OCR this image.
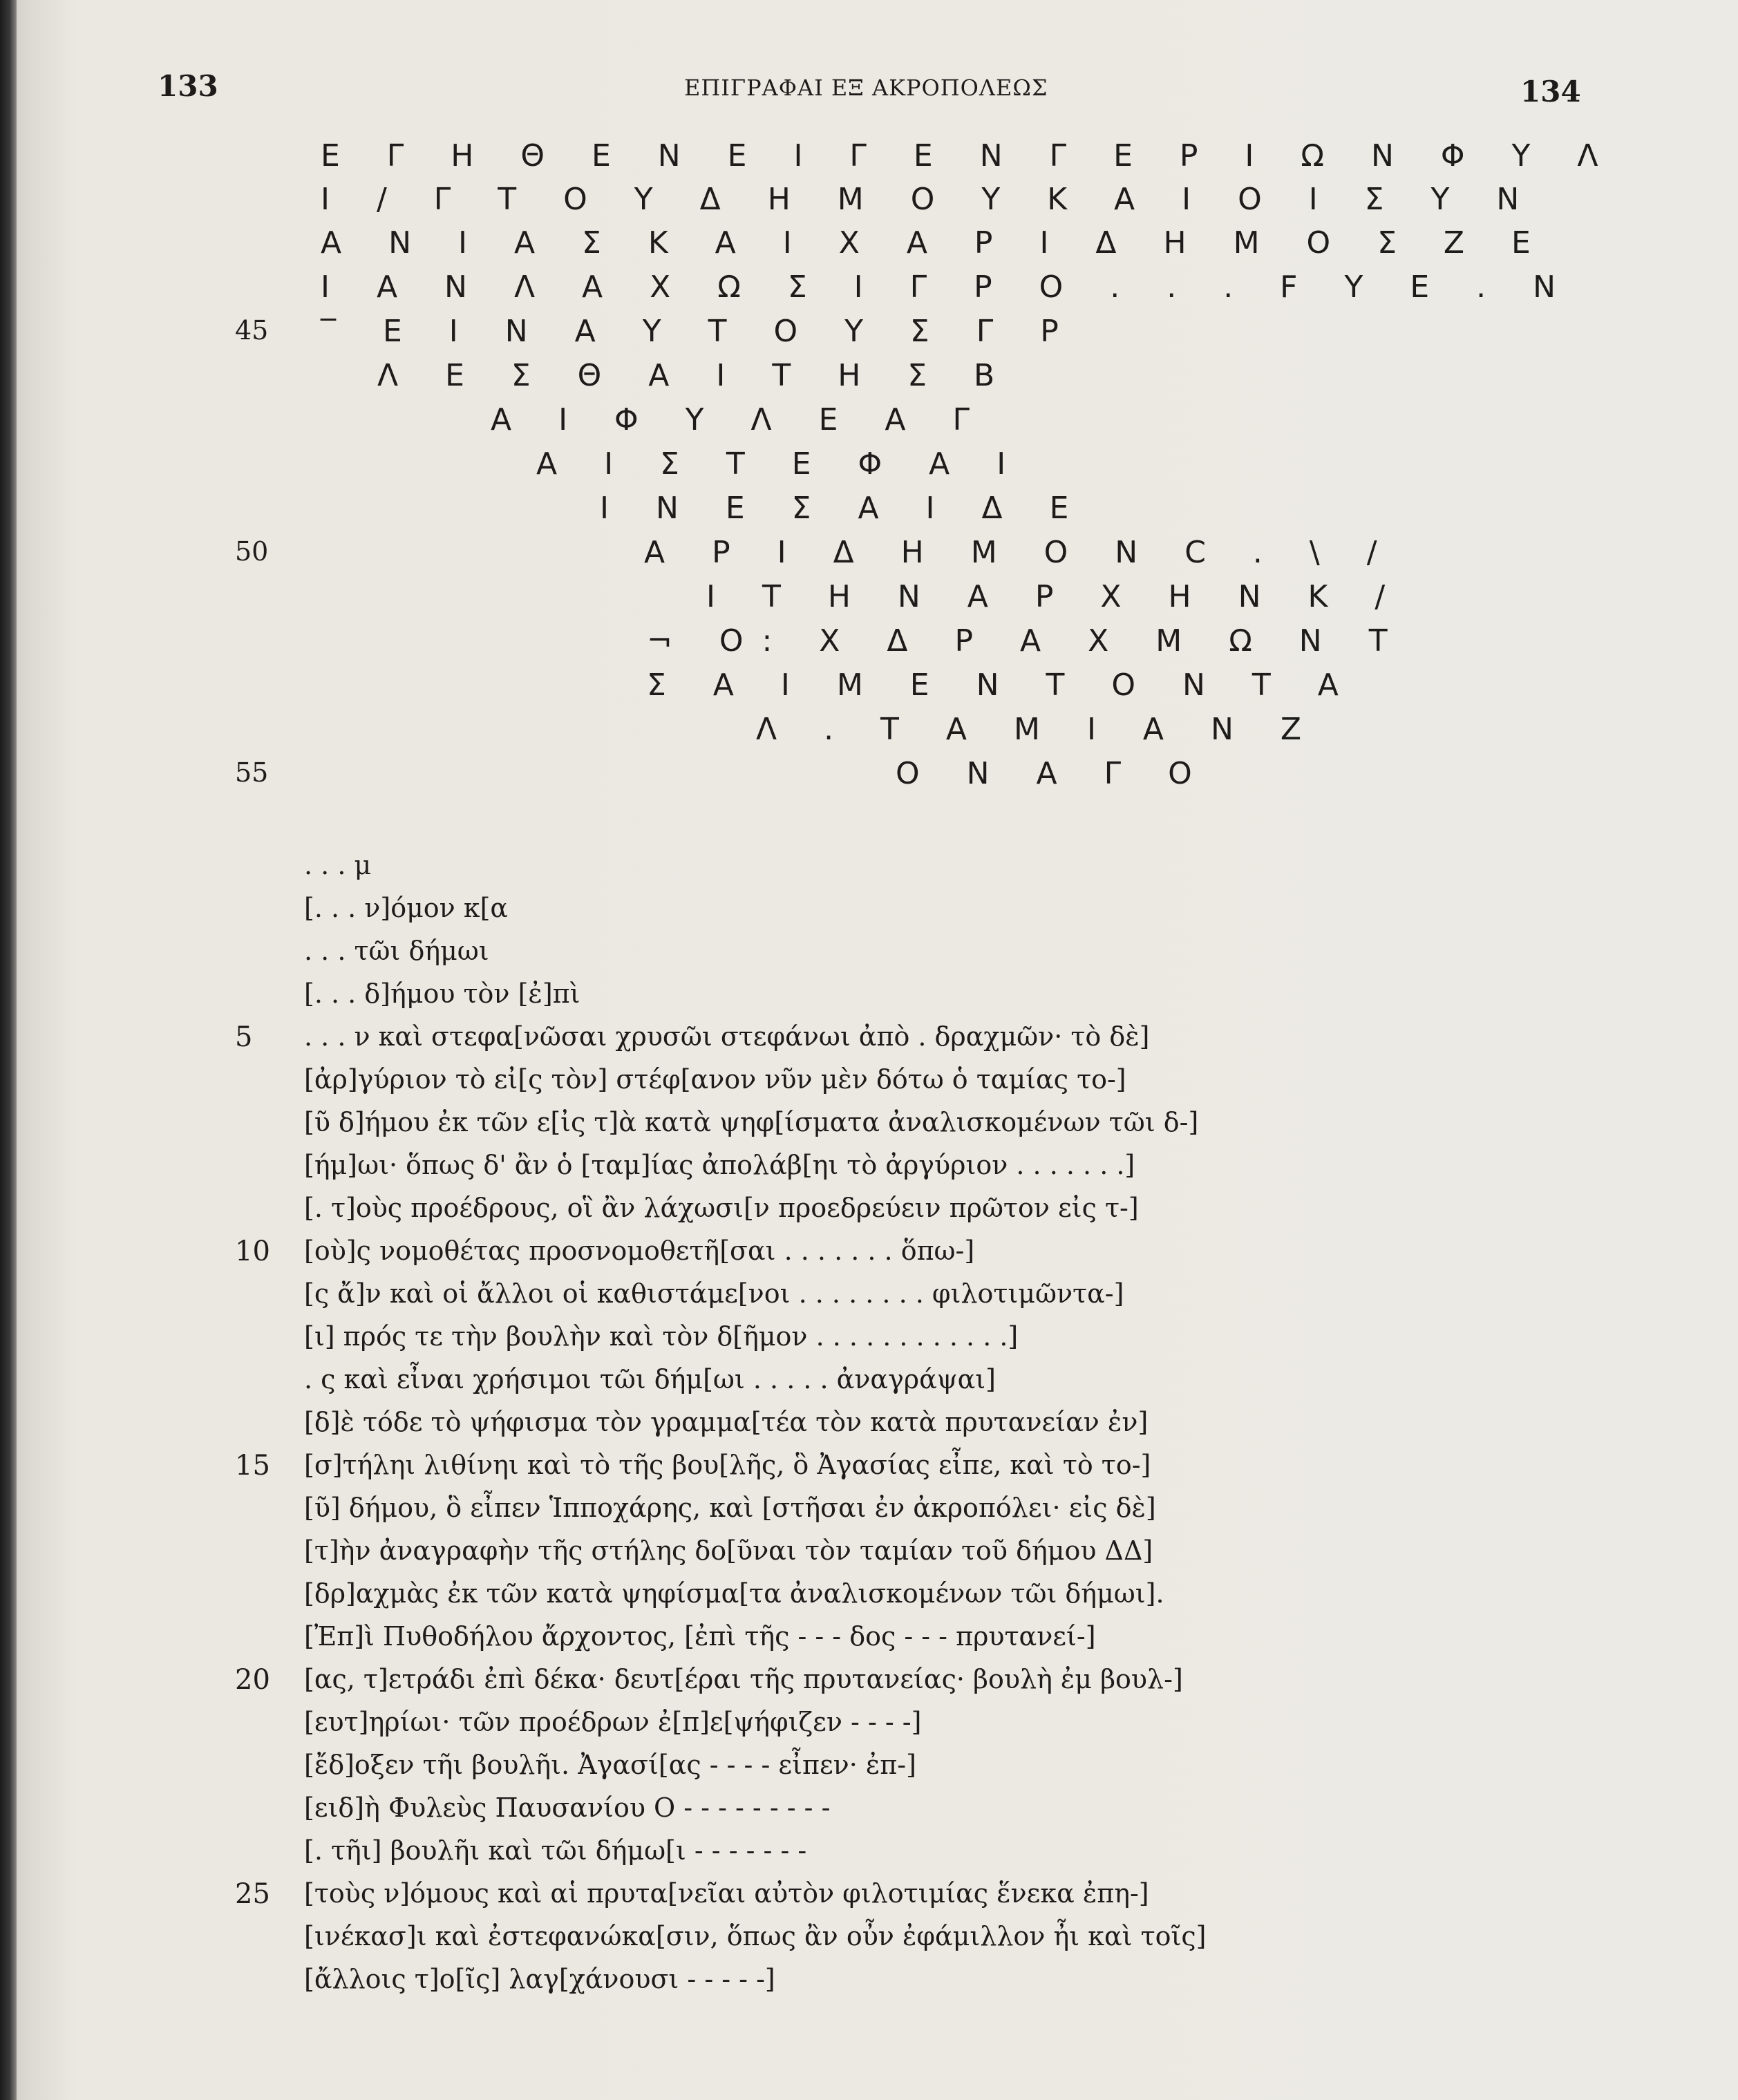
133	ΕΠΙΓΡΑΦΑΙ ΕΞ ΑΚΡΟΠΟΛΕΩΣ	134
Ε Γ Η Θ Ε Ν Ε Ι Γ Ε Ν Γ Ε Ρ Ι Ω Ν Φ Υ Λ
Ι / Γ Τ Ο Υ Δ Η Μ Ο Υ Κ Α Ι Ο Ι Σ Υ Ν
Α Ν Ι Α Σ Κ Α Ι Χ Α Ρ Ι Δ Η Μ Ο Σ Ζ Ε
Ι Α Ν Λ Α Χ Ω Σ Ι Γ Ρ Ο . . . F Υ Ε . Ν
45 ‾ Ε Ι Ν Α Υ Τ Ο Υ Σ Γ Ρ
Λ Ε Σ Θ Α Ι Τ Η Σ Β
Α Ι Φ Υ Λ Ε Α Γ
Α Ι Σ Τ Ε Φ Α Ι
Ι Ν Ε Σ Α Ι Δ Ε
50	Α Ρ Ι Δ Η Μ Ο Ν C . \ /
Ι Τ Η Ν Α Ρ Χ Η Ν Κ /
¬ Ο: Χ Δ Ρ Α Χ Μ Ω Ν Τ
Σ Α Ι Μ Ε Ν Τ Ο Ν Τ Α
Λ . Τ Α Μ Ι Α Ν Ζ
55	Ο Ν Α Γ Ο
. . . μ
[. . . ν]όμον κ[α
. . . τῶι δήμωι
[. . . δ]ήμου τὸν [ἐ]πὶ
5 . . . ν καὶ στεφα[νῶσαι χρυσῶι στεφάνωι ἀπὸ . δραχμῶν· τὸ δὲ]
[ἀρ]γύριον τὸ εἰ[ς τὸν] στέφ[ανον νῦν μὲν δότω ὁ ταμίας το-]
[ῦ δ]ήμου ἐκ τῶν ε[ἰς τ]ὰ κατὰ ψηφ[ίσματα ἀναλισκομένων τῶι δ-]
[ήμ]ωι· ὅπως δ' ἂν ὁ [ταμ]ίας ἀπολάβ[ηι τὸ ἀργύριον . . . . . . .]
[. τ]οὺς προέδρους, οἳ ἂν λάχωσι[ν προεδρεύειν πρῶτον εἰς τ-]
10 [οὺ]ς νομοθέτας προσνομοθετῆ[σαι . . . . . . . ὅπω-]
[ς ἄ]ν καὶ οἱ ἄλλοι οἱ καθιστάμε[νοι . . . . . . . . φιλοτιμῶντα-]
[ι] πρός τε τὴν βουλὴν καὶ τὸν δ[ῆμον . . . . . . . . . . . .]
. ς καὶ εἶναι χρήσιμοι τῶι δήμ[ωι . . . . . ἀναγράψαι]
[δ]ὲ τόδε τὸ ψήφισμα τὸν γραμμα[τέα τὸν κατὰ πρυτανείαν ἐν]
15 [σ]τήληι λιθίνηι καὶ τὸ τῆς βου[λῆς, ὃ Ἀγασίας εἶπε, καὶ τὸ το-]
[ῦ] δήμου, ὃ εἶπεν Ἱπποχάρης, καὶ [στῆσαι ἐν ἀκροπόλει· εἰς δὲ]
[τ]ὴν ἀναγραφὴν τῆς στήλης δο[ῦναι τὸν ταμίαν τοῦ δήμου ΔΔ]
[δρ]αχμὰς ἐκ τῶν κατὰ ψηφίσμα[τα ἀναλισκομένων τῶι δήμωι].
[Ἐπ]ὶ Πυθοδήλου ἄρχοντος, [ἐπὶ τῆς - - - δος - - - πρυτανεί-]
20 [ας, τ]ετράδι ἐπὶ δέκα· δευτ[έραι τῆς πρυτανείας· βουλὴ ἐμ βουλ-]
[ευτ]ηρίωι· τῶν προέδρων ἐ[π]ε[ψήφιζεν - - - -]
[ἔδ]οξεν τῆι βουλῆι. Ἀγασί[ας - - - - εἶπεν· ἐπ-]
[ειδ]ὴ Φυλεὺς Παυσανίου Ο - - - - - - - - -
[. τῆι] βουλῆι καὶ τῶι δήμω[ι - - - - - - -
25 [τοὺς ν]όμους καὶ αἱ πρυτα[νεῖαι αὐτὸν φιλοτιμίας ἕνεκα ἐπη-]
[ινέκασ]ι καὶ ἐστεφανώκα[σιν, ὅπως ἂν οὖν ἐφάμιλλον ἦι καὶ τοῖς]
[ἄλλοις τ]ο[ῖς] λαγ[χάνουσι - - - - -]
